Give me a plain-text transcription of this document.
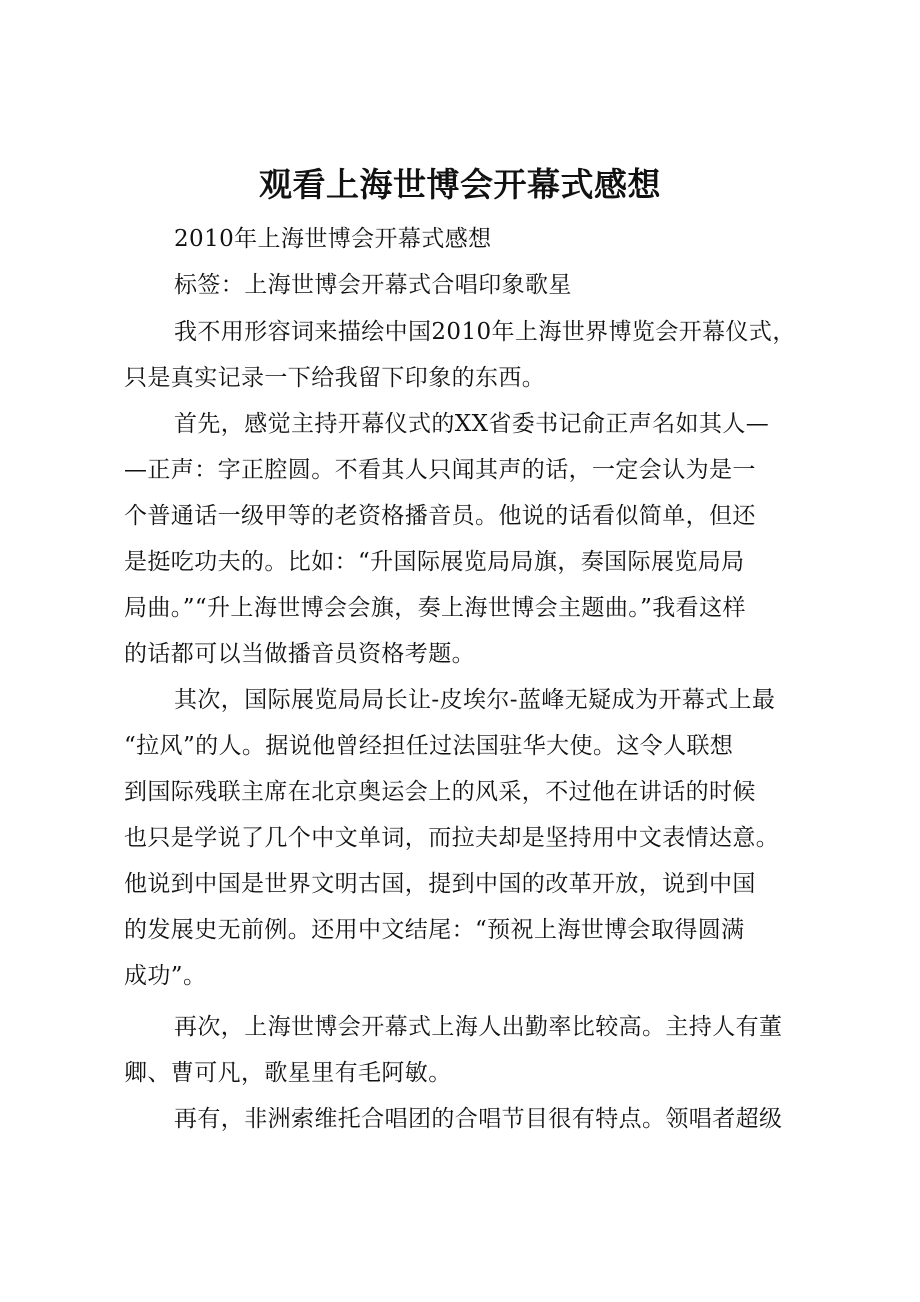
观看上海世博会开幕式感想
2010年上海世博会开幕式感想
标签：上海世博会开幕式合唱印象歌星
我不用形容词来描绘中国2010年上海世界博览会开幕仪式，
只是真实记录一下给我留下印象的东西。
首先，感觉主持开幕仪式的XX省委书记俞正声名如其人—
—正声：字正腔圆。不看其人只闻其声的话，一定会认为是一
个普通话一级甲等的老资格播音员。他说的话看似简单，但还
是挺吃功夫的。比如：“升国际展览局局旗，奏国际展览局局
局曲。”“升上海世博会会旗，奏上海世博会主题曲。”我看这样
的话都可以当做播音员资格考题。
其次，国际展览局局长让-皮埃尔-蓝峰无疑成为开幕式上最
“拉风”的人。据说他曾经担任过法国驻华大使。这令人联想
到国际残联主席在北京奥运会上的风采，不过他在讲话的时候
也只是学说了几个中文单词，而拉夫却是坚持用中文表情达意。
他说到中国是世界文明古国，提到中国的改革开放，说到中国
的发展史无前例。还用中文结尾：“预祝上海世博会取得圆满
成功”。
再次，上海世博会开幕式上海人出勤率比较高。主持人有董
卿、曹可凡，歌星里有毛阿敏。
再有，非洲索维托合唱团的合唱节目很有特点。领唱者超级
